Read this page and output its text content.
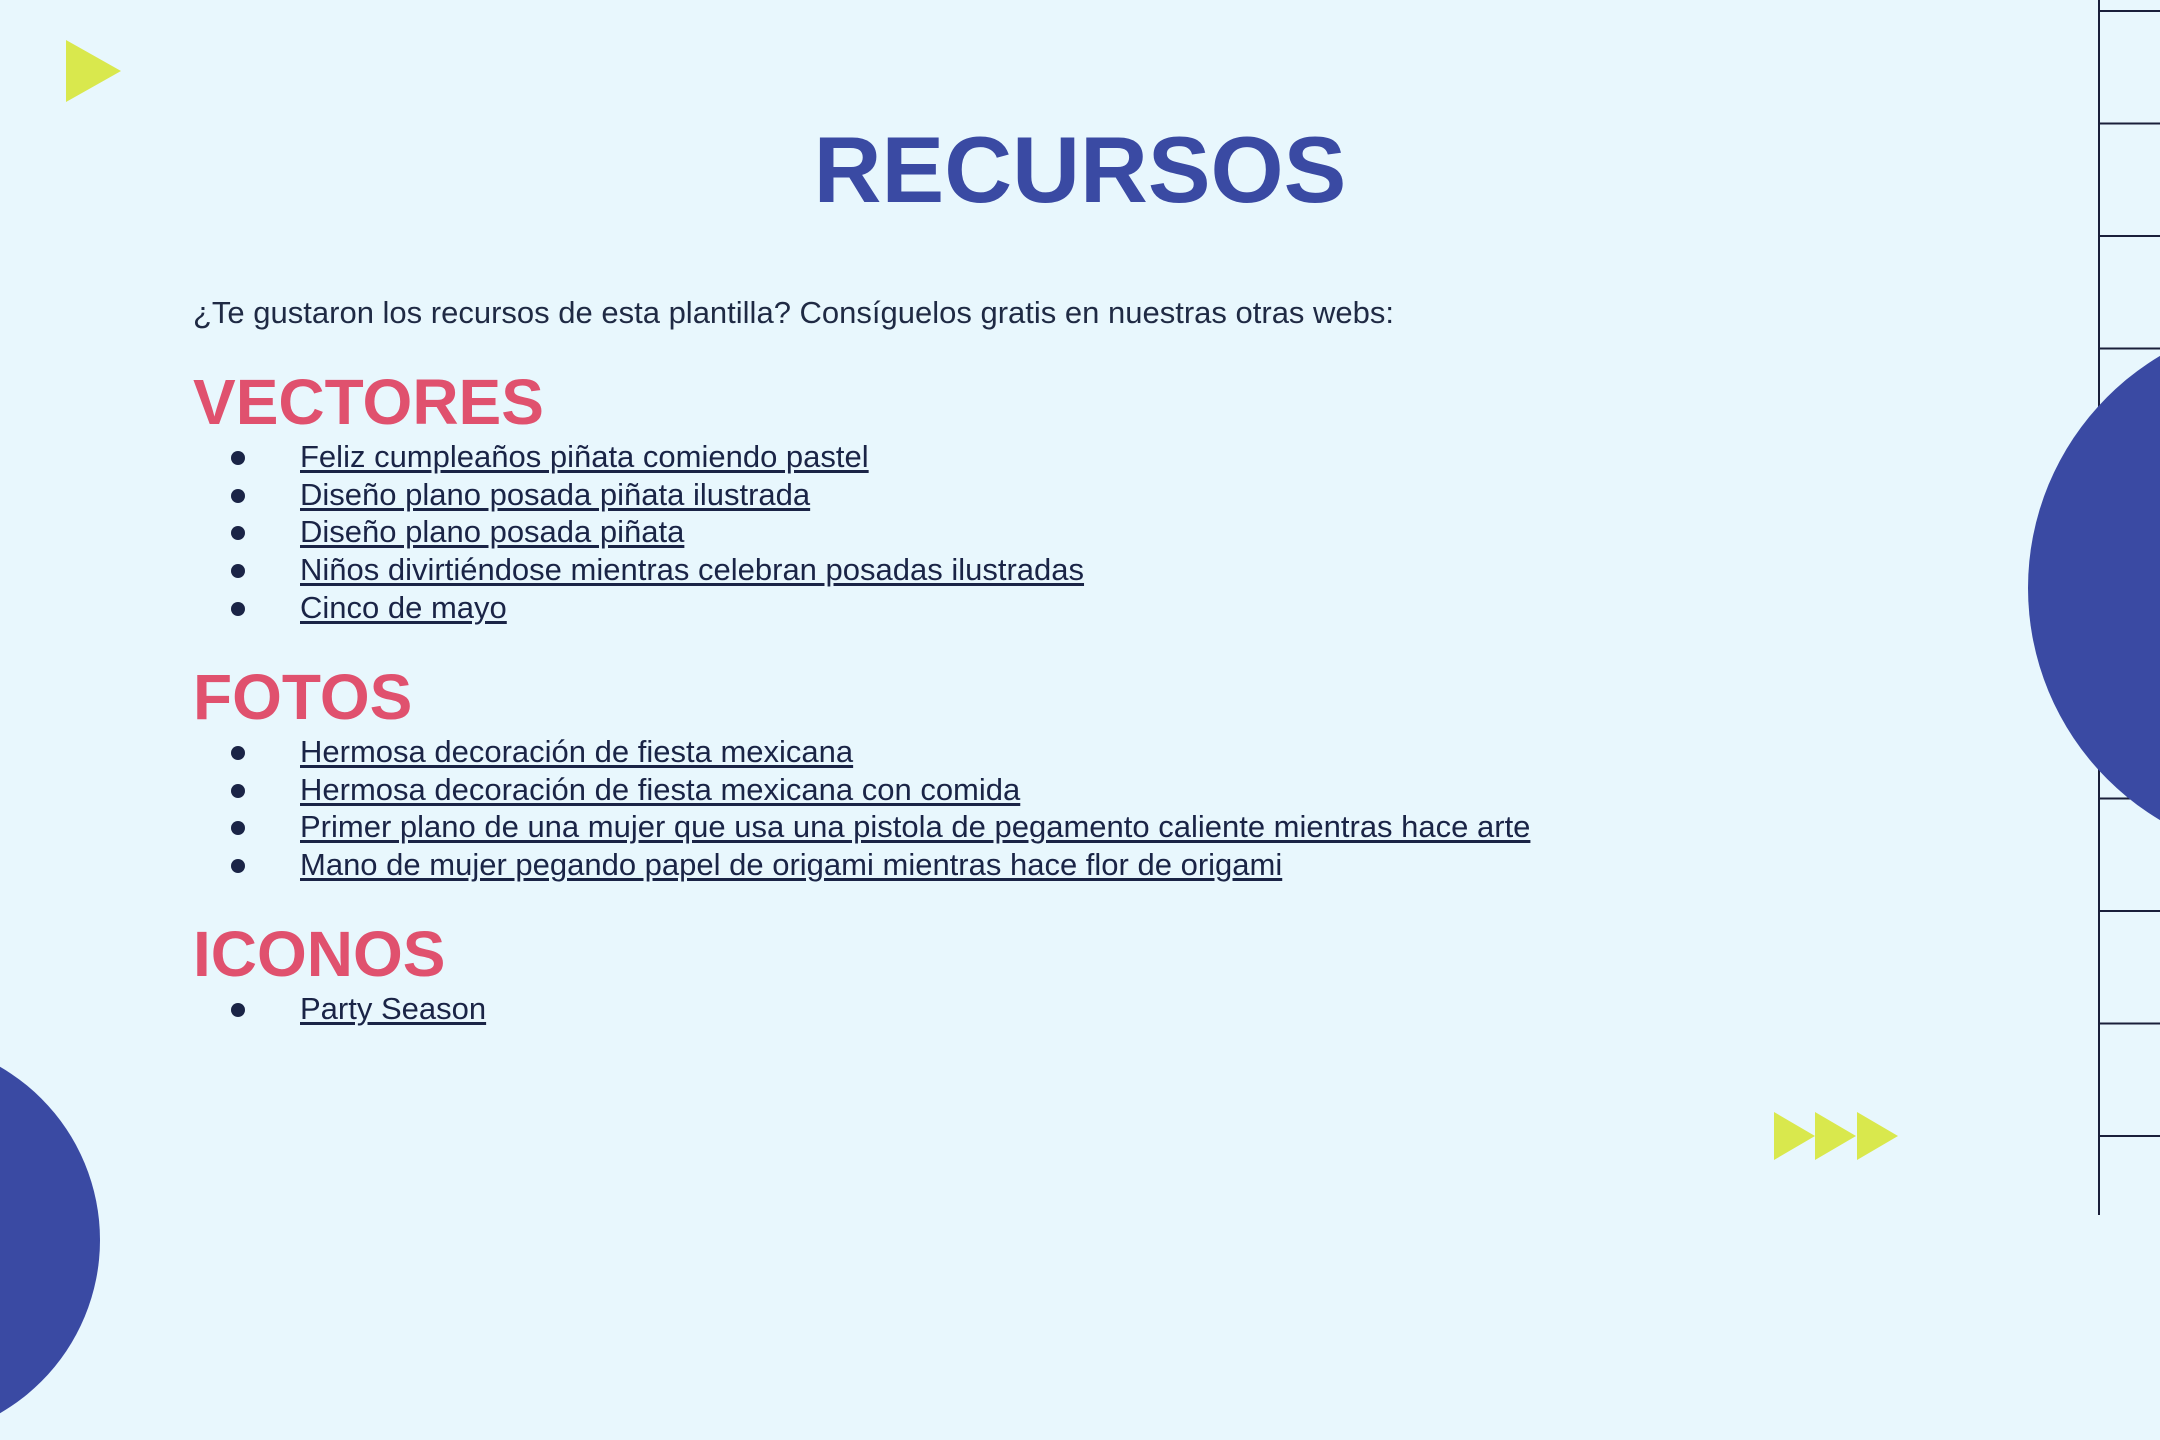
RECURSOS

¿Te gustaron los recursos de esta plantilla? Consíguelos gratis en nuestras otras webs:

VECTORES
Feliz cumpleaños piñata comiendo pastel
Diseño plano posada piñata ilustrada
Diseño plano posada piñata
Niños divirtiéndose mientras celebran posadas ilustradas
Cinco de mayo
FOTOS
Hermosa decoración de fiesta mexicana
Hermosa decoración de fiesta mexicana con comida
Primer plano de una mujer que usa una pistola de pegamento caliente mientras hace arte
Mano de mujer pegando papel de origami mientras hace flor de origami
ICONOS
Party Season
